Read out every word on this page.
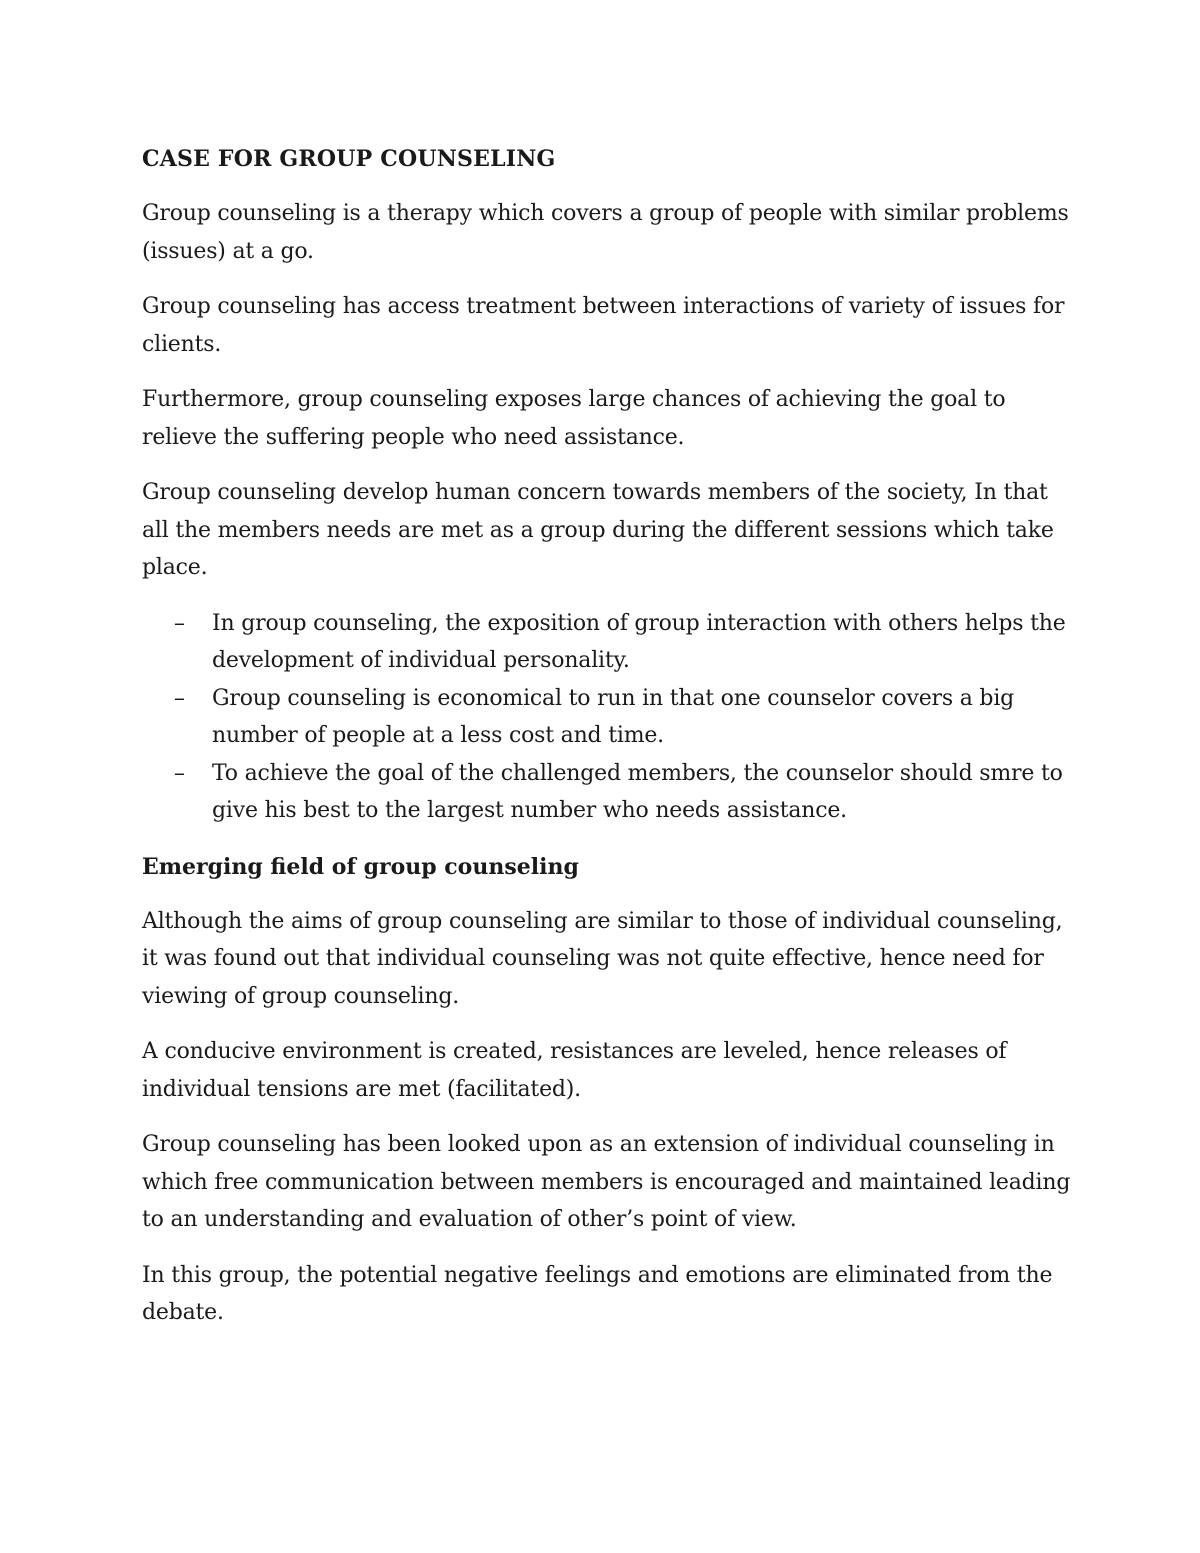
CASE FOR GROUP COUNSELING

Group counseling is a therapy which covers a group of people with similar problems (issues) at a go.

Group counseling has access treatment between interactions of variety of issues for clients.

Furthermore, group counseling exposes large chances of achieving the goal to relieve the suffering people who need assistance.

Group counseling develop human concern towards members of the society, In that all the members needs are met as a group during the different sessions which take place.

– In group counseling, the exposition of group interaction with others helps the development of individual personality.
– Group counseling is economical to run in that one counselor covers a big number of people at a less cost and time.
– To achieve the goal of the challenged members, the counselor should smre to give his best to the largest number who needs assistance.
Emerging field of group counseling

Although the aims of group counseling are similar to those of individual counseling, it was found out that individual counseling was not quite effective, hence need for viewing of group counseling.

A conducive environment is created, resistances are leveled, hence releases of individual tensions are met (facilitated).

Group counseling has been looked upon as an extension of individual counseling in which free communication between members is encouraged and maintained leading to an understanding and evaluation of other’s point of view.

In this group, the potential negative feelings and emotions are eliminated from the debate.
